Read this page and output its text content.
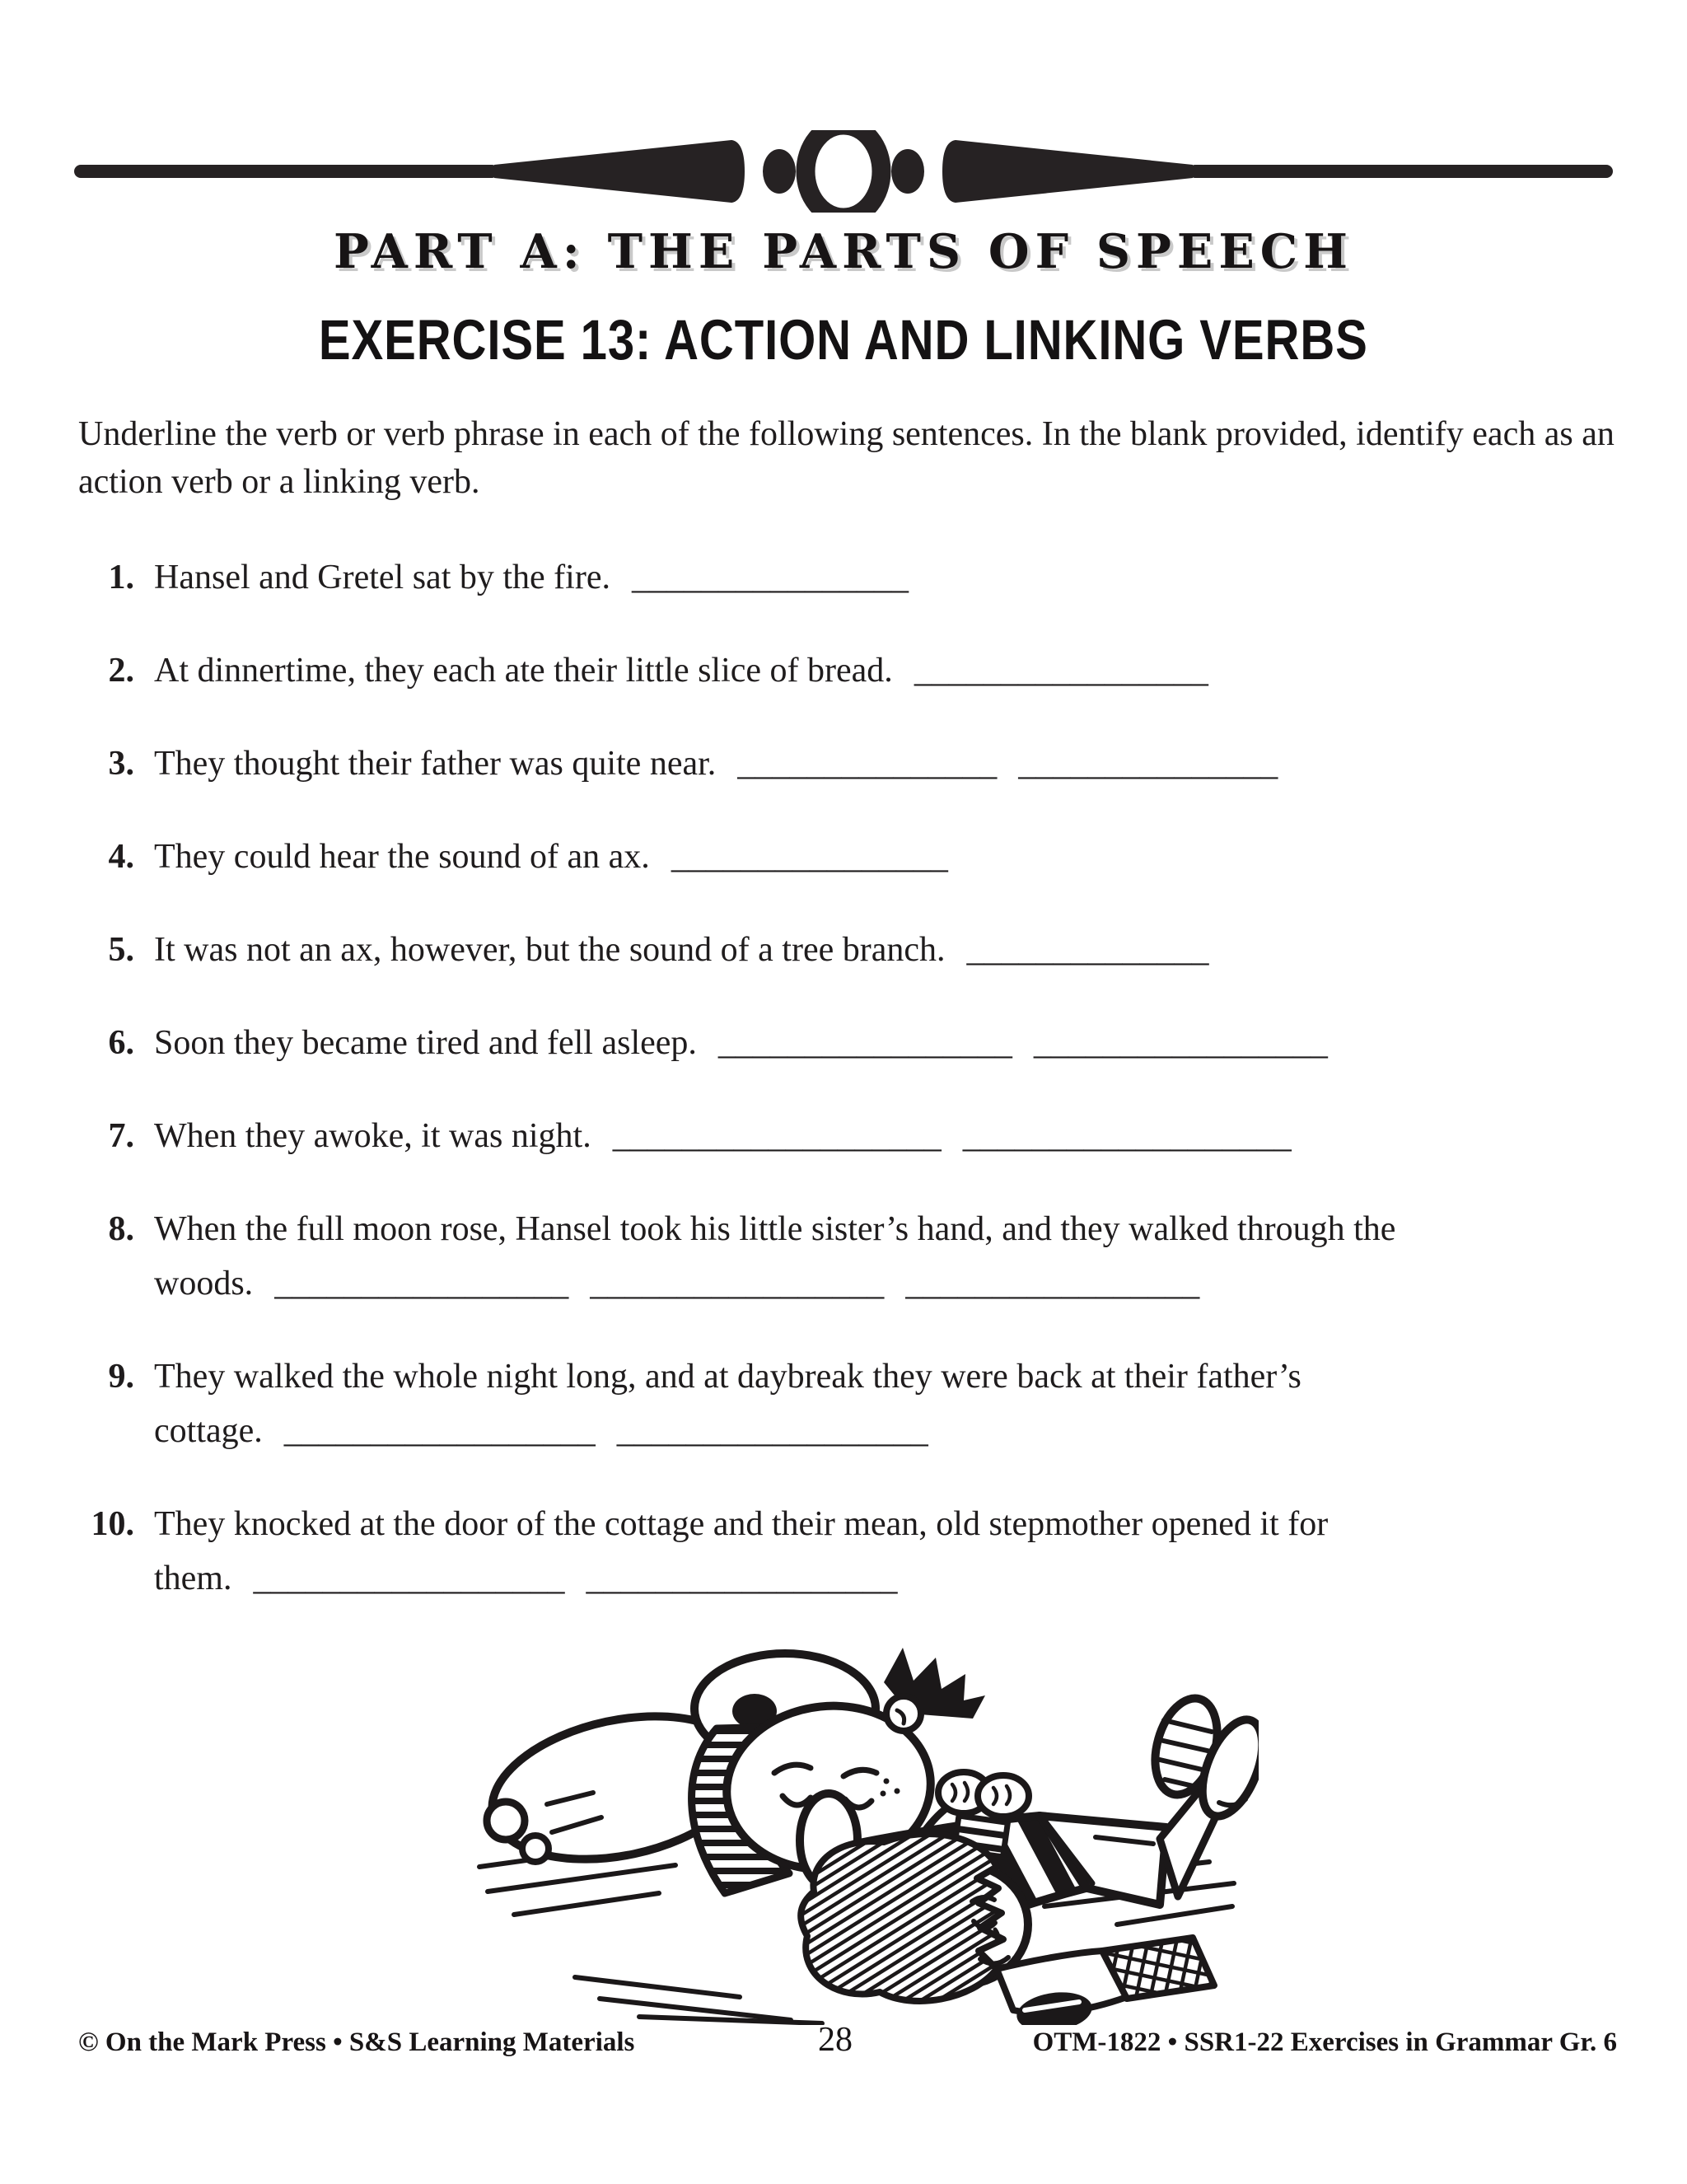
PART A: THE PARTS OF SPEECH
EXERCISE 13: ACTION AND LINKING VERBS

Underline the verb or verb phrase in each of the following sentences. In the blank provided, identify each as an action verb or a linking verb.

1. Hansel and Gretel sat by the fire. ________________
2. At dinnertime, they each ate their little slice of bread. _________________
3. They thought their father was quite near. _______________ _______________
4. They could hear the sound of an ax. ________________
5. It was not an ax, however, but the sound of a tree branch. ______________
6. Soon they became tired and fell asleep. _________________ _________________
7. When they awoke, it was night. ___________________ ___________________
8. When the full moon rose, Hansel took his little sister’s hand, and they walked through the woods. _________________ _________________ _________________
9. They walked the whole night long, and at daybreak they were back at their father’s cottage. __________________ __________________
10. They knocked at the door of the cottage and their mean, old stepmother opened it for them. __________________ __________________
© On the Mark Press • S&S Learning Materials	28	OTM-1822 • SSR1-22 Exercises in Grammar Gr. 6
